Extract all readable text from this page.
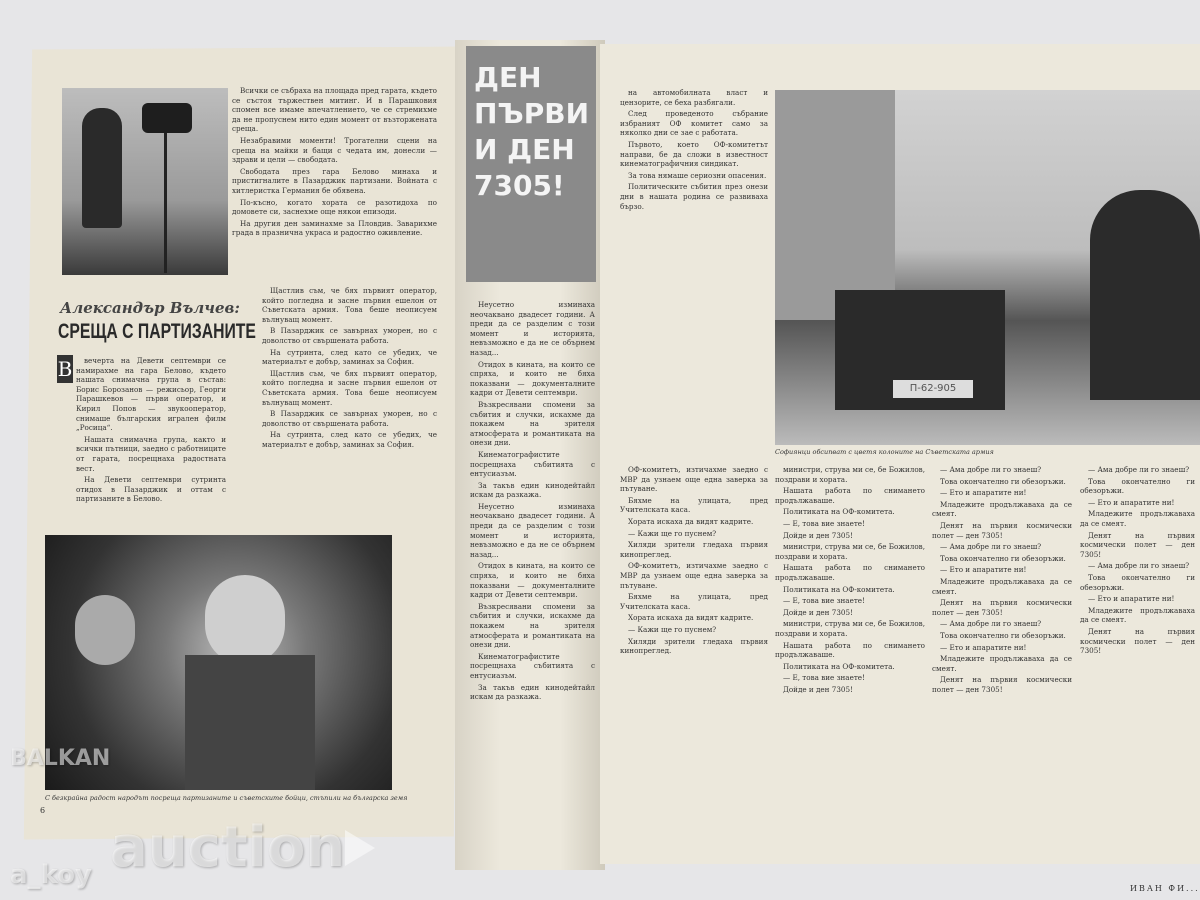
Всички се събраха на площада пред гарата, където се състоя тържествен митинг. И в Парашковия спомен все имаме впечатлението, че се стремихме да не пропуснем нито един момент от възторжената среща.

Незабравими моменти! Трогателни сцени на среща на майки и бащи с чедата им, донесли — здрави и цели — свободата.

Свободата през гара Белово минаха и пристигналите в Пазарджик партизани. Войната с хитлеристка Германия бе обявена.

По-късно, когато хората се разотидоха по домовете си, заснехме още някои епизоди.

На другия ден заминахме за Пловдив. Заварихме града в празнична украса и радостно оживление.

Александър Вълчев:
СРЕЩА С ПАРТИЗАНИТЕ
В	вечерта на Девети септември се намирахме на гара Белово, където нашата снимачна група в състав: Борис Борозанов — режисьор, Георги Парашкевов — първи оператор, и Кирил Попов — звукооператор, снимаше българския игрален филм „Росица“.

Нашата снимачна група, както и всички пътници, заедно с работниците от гарата, посрещнаха радостната вест.

На Девети септември сутринта отидох в Пазарджик и оттам с партизаните в Белово.

Щастлив съм, че бях първият оператор, който погледна и засне първия ешелон от Съветската армия. Това беше неописуем вълнуващ момент.

В Пазарджик се завърнах уморен, но с доволство от свършената работа.

На сутринта, след като се убедих, че материалът е добър, заминах за София.

Щастлив съм, че бях първият оператор, който погледна и засне първия ешелон от Съветската армия. Това беше неописуем вълнуващ момент.

В Пазарджик се завърнах уморен, но с доволство от свършената работа.

На сутринта, след като се убедих, че материалът е добър, заминах за София.

С безкрайна радост народът посреща партизаните и съветските бойци, стъпили на българска земя
6
ДЕН ПЪРВИ И ДЕН 7305!

Неусетно изминаха неочаквано двадесет години. А преди да се разделим с този момент и историята, невъзможно е да не се обърнем назад...

Отидох в кината, на които се спряха, и които не бяха показвани — документалните кадри от Девети септември.

Възкресявани спомени за събития и случки, искахме да покажем на зрителя атмосферата и романтиката на онези дни.

Кинематографистите посрещнаха събитията с ентусиазъм.

За такъв един кинодейтайл искам да разкажа.

Неусетно изминаха неочаквано двадесет години. А преди да се разделим с този момент и историята, невъзможно е да не се обърнем назад...

Отидох в кината, на които се спряха, и които не бяха показвани — документалните кадри от Девети септември.

Възкресявани спомени за събития и случки, искахме да покажем на зрителя атмосферата и романтиката на онези дни.

Кинематографистите посрещнаха събитията с ентусиазъм.

За такъв един кинодейтайл искам да разкажа.

П-62-905
Софиянци обсипват с цветя колоните на Съветската армия

на автомобилната власт и цензорите, се беха разбягали.

След проведеното събрание избраният ОФ комитет само за няколко дни се зае с работата.

Първото, което ОФ-комитетът направи, бе да сложи в известност кинематографичния синдикат.

За това нямаше сериозни опасения.

Политическите събития през онези дни в нашата родина се развиваха бързо.

ОФ-комитетъ, изтичахме заедно с МВР да узнаем още една заверка за пътуване.

Бяхме на улицата, пред Учителската каса.

Хората искаха да видят кадрите.

— Кажи ще го пуснем?

Хиляди зрители гледаха първия кинопреглед.

ОФ-комитетъ, изтичахме заедно с МВР да узнаем още една заверка за пътуване.

Бяхме на улицата, пред Учителската каса.

Хората искаха да видят кадрите.

— Кажи ще го пуснем?

Хиляди зрители гледаха първия кинопреглед.

министри, струва ми се, бе Божилов, поздрави и хората.

Нашата работа по снимането продължаваше.

Политиката на ОФ-комитета.

— Е, това вие знаете!

Дойде и ден 7305!

министри, струва ми се, бе Божилов, поздрави и хората.

Нашата работа по снимането продължаваше.

Политиката на ОФ-комитета.

— Е, това вие знаете!

Дойде и ден 7305!

министри, струва ми се, бе Божилов, поздрави и хората.

Нашата работа по снимането продължаваше.

Политиката на ОФ-комитета.

— Е, това вие знаете!

Дойде и ден 7305!

— Ама добре ли го знаеш?

Това окончателно ги обезоръжи.

— Ето и апаратите ни!

Младежите продължаваха да се смеят.

Денят на първия космически полет — ден 7305!

— Ама добре ли го знаеш?

Това окончателно ги обезоръжи.

— Ето и апаратите ни!

Младежите продължаваха да се смеят.

Денят на първия космически полет — ден 7305!

— Ама добре ли го знаеш?

Това окончателно ги обезоръжи.

— Ето и апаратите ни!

Младежите продължаваха да се смеят.

Денят на първия космически полет — ден 7305!

— Ама добре ли го знаеш?

Това окончателно ги обезоръжи.

— Ето и апаратите ни!

Младежите продължаваха да се смеят.

Денят на първия космически полет — ден 7305!

— Ама добре ли го знаеш?

Това окончателно ги обезоръжи.

— Ето и апаратите ни!

Младежите продължаваха да се смеят.

Денят на първия космически полет — ден 7305!

ИВАН ФИ...
BALKAN
auction
a_koy
